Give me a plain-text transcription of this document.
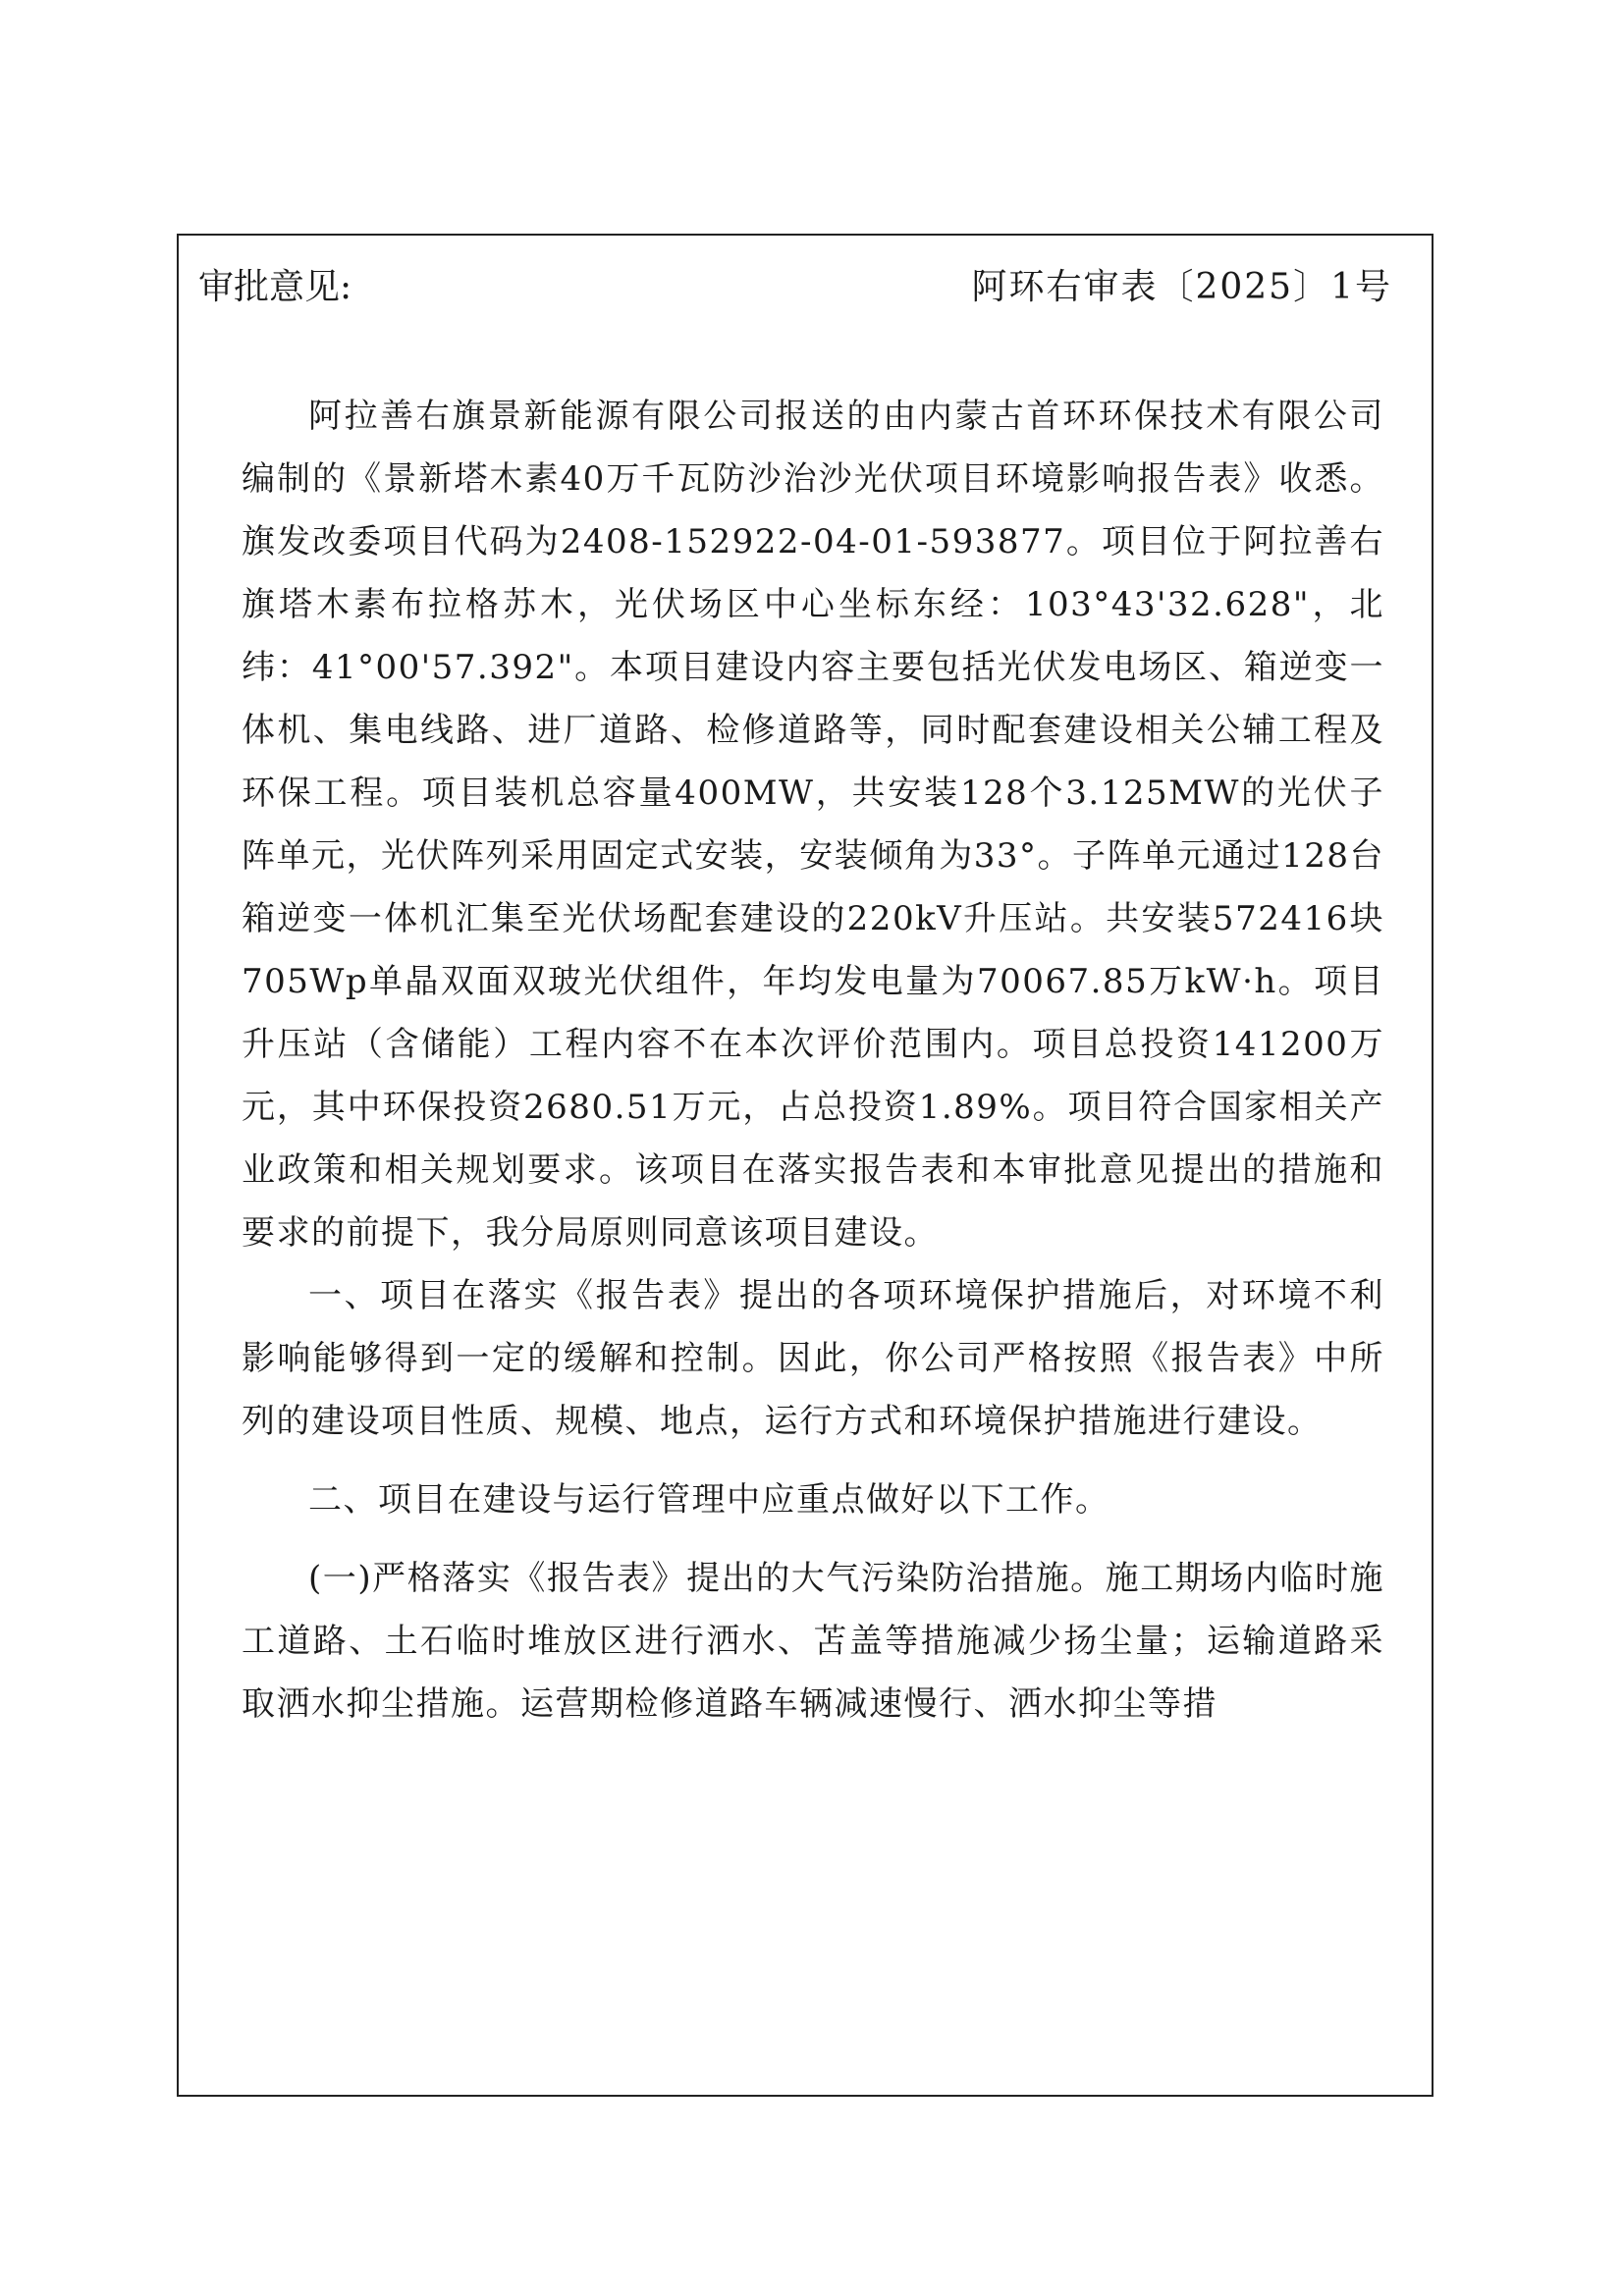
审批意见:	阿环右审表〔2025〕1号

阿拉善右旗景新能源有限公司报送的由内蒙古首环环保技术有限公司编制的《景新塔木素40万千瓦防沙治沙光伏项目环境影响报告表》收悉。旗发改委项目代码为2408-152922-04-01-593877。项目位于阿拉善右旗塔木素布拉格苏木，光伏场区中心坐标东经：103°43'32.628"，北纬：41°00'57.392"。本项目建设内容主要包括光伏发电场区、箱逆变一体机、集电线路、进厂道路、检修道路等，同时配套建设相关公辅工程及环保工程。项目装机总容量400MW，共安装128个3.125MW的光伏子阵单元，光伏阵列采用固定式安装，安装倾角为33°。子阵单元通过128台箱逆变一体机汇集至光伏场配套建设的220kV升压站。共安装572416块705Wp单晶双面双玻光伏组件，年均发电量为70067.85万kW·h。项目升压站（含储能）工程内容不在本次评价范围内。项目总投资141200万元，其中环保投资2680.51万元，占总投资1.89%。项目符合国家相关产业政策和相关规划要求。该项目在落实报告表和本审批意见提出的措施和要求的前提下，我分局原则同意该项目建设。

一、项目在落实《报告表》提出的各项环境保护措施后，对环境不利影响能够得到一定的缓解和控制。因此，你公司严格按照《报告表》中所列的建设项目性质、规模、地点，运行方式和环境保护措施进行建设。

二、项目在建设与运行管理中应重点做好以下工作。

(一)严格落实《报告表》提出的大气污染防治措施。施工期场内临时施工道路、土石临时堆放区进行洒水、苫盖等措施减少扬尘量；运输道路采取洒水抑尘措施。运营期检修道路车辆减速慢行、洒水抑尘等措
